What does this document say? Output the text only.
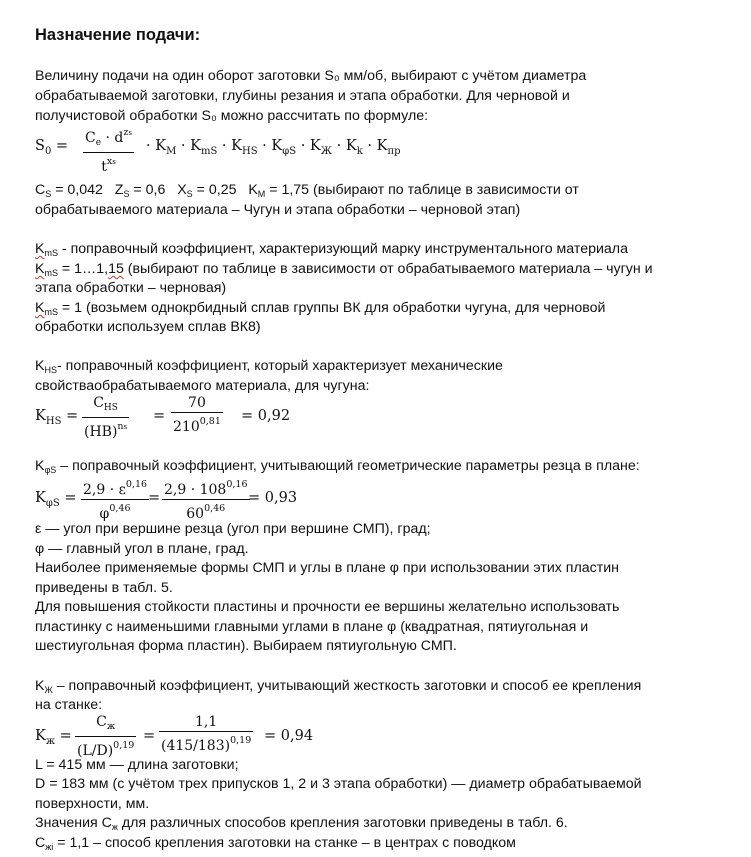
Назначение подачи:
Величину подачи на один оборот заготовки S₀ мм/об, выбирают с учётом диаметра
обрабатываемой заготовки, глубины резания и этапа обработки. Для черновой и
получистовой обработки S₀ можно рассчитать по формуле:
$S_0 = C_e \cdot d^{zs}$
$t^{xs}$
· $K_M \cdot K_{mS} \cdot K_{HS} \cdot K_{\varphi S} \cdot K_Ж \cdot K_k \cdot K_{пр}$
$C_S = 0,042$ $Z_S = 0,6$ $X_S = 0,25$ $K_M = 1,75$ (выбирают по таблице в зависимости от
обрабатываемого материала – Чугун и этапа обработки – черновой этап)
$K_{mS}$ - поправочный коэффициент, характеризующий марку инструментального материала
$K_{mS}$ = 1…1,15 (выбирают по таблице в зависимости от обрабатываемого материала – чугун и
этапа обработки – черновая)
$K_{mS} = 1$ (возьмем однокрбидный сплав группы ВК для обработки чугуна, для черновой
обработки используем сплав ВК8)
$K_{HS}-$ поправочный коэффициент, который характеризует механические
свойстваобрабатываемого материала, для чугуна:
$K_{HS}$ =
$C_{HS}$
(HB)$^{ns}$
= $\frac{70}{210^{0,81}} = 0,92$
$K_{\varphi S}$ – поправочный коэффициент, учитывающий геометрические параметры резца в плане:
$K_{\varphi S} = \frac{2,9 \cdot \varepsilon^{0,16}}{\varphi^{0,46}}$
= $\frac{2,9 \cdot 108^{0,16}}{60^{0,46}}$
= 0,93
ε — угол при вершине резца (угол при вершине СМП), град;
φ — главный угол в плане, град.
Наиболее применяемые формы СМП и углы в плане φ при использовании этих пластин
приведены в табл. 5.
Для повышения стойкости пластины и прочности ее вершины желательно использовать
пластинку с наименьшими главными углами в плане φ (квадратная, пятиугольная и
шестиугольная форма пластин). Выбираем пятиугольную СМП.
$K_Ж$ – поправочный коэффициент, учитывающий жесткость заготовки и способ ее крепления
на станке:
$K_ж$ =
$C_ж$
$(L/D)^{0,19}$
= $\frac{1,1}{(415/183)^{0,19}} = 0,94$
L = 415 мм — длина заготовки;
D = 183 мм (с учётом трех припусков 1, 2 и 3 этапа обработки) — диаметр обрабатываемой
поверхности, мм.
Значения $C_ж$ для различных способов крепления заготовки приведены в табл. 6.
$C_{жi} = 1,1$ – способ крепления заготовки на станке – в центрах с поводком
